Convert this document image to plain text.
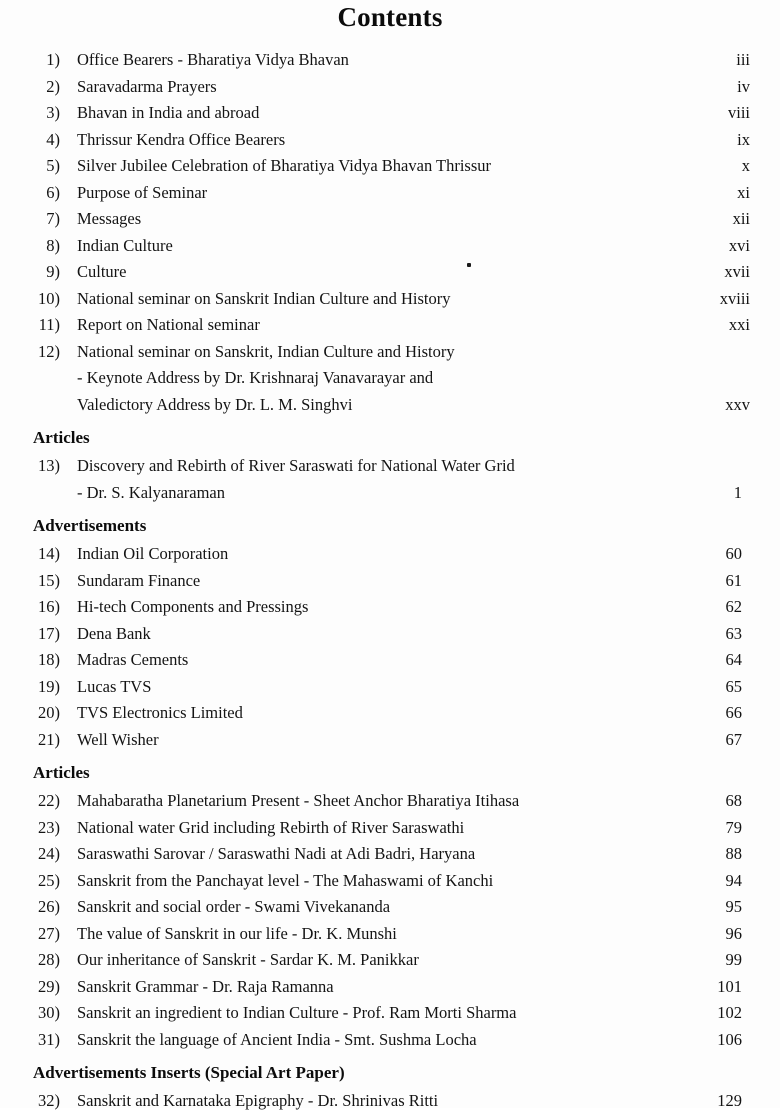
Contents
1) Office Bearers - Bharatiya Vidya Bhavan	iii
2) Saravadarma Prayers	iv
3) Bhavan in India and abroad	viii
4) Thrissur Kendra Office Bearers	ix
5) Silver Jubilee Celebration of Bharatiya Vidya Bhavan Thrissur	x
6) Purpose of Seminar	xi
7) Messages	xii
8) Indian Culture	xvi
9) Culture	xvii
10) National seminar on Sanskrit Indian Culture and History	xviii
11) Report on National seminar	xxi
12) National seminar on Sanskrit, Indian Culture and History
- Keynote Address by Dr. Krishnaraj Vanavarayar and
Valedictory Address by Dr. L. M. Singhvi	xxv
Articles
13) Discovery and Rebirth of River Saraswati for National Water Grid
- Dr. S. Kalyanaraman	1
Advertisements
14) Indian Oil Corporation	60
15) Sundaram Finance	61
16) Hi-tech Components and Pressings	62
17) Dena Bank	63
18) Madras Cements	64
19) Lucas TVS	65
20) TVS Electronics Limited	66
21) Well Wisher	67
Articles
22) Mahabaratha Planetarium Present - Sheet Anchor Bharatiya Itihasa	68
23) National water Grid including Rebirth of River Saraswathi	79
24) Saraswathi Sarovar / Saraswathi Nadi at Adi Badri, Haryana	88
25) Sanskrit from the Panchayat level - The Mahaswami of Kanchi	94
26) Sanskrit and social order - Swami Vivekananda	95
27) The value of Sanskrit in our life - Dr. K. Munshi	96
28) Our inheritance of Sanskrit - Sardar K. M. Panikkar	99
29) Sanskrit Grammar - Dr. Raja Ramanna	101
30) Sanskrit an ingredient to Indian Culture - Prof. Ram Morti Sharma	102
31) Sanskrit the language of Ancient India - Smt. Sushma Locha	106
Advertisements Inserts (Special Art Paper)
32) Sanskrit and Karnataka Epigraphy - Dr. Shrinivas Ritti	129
